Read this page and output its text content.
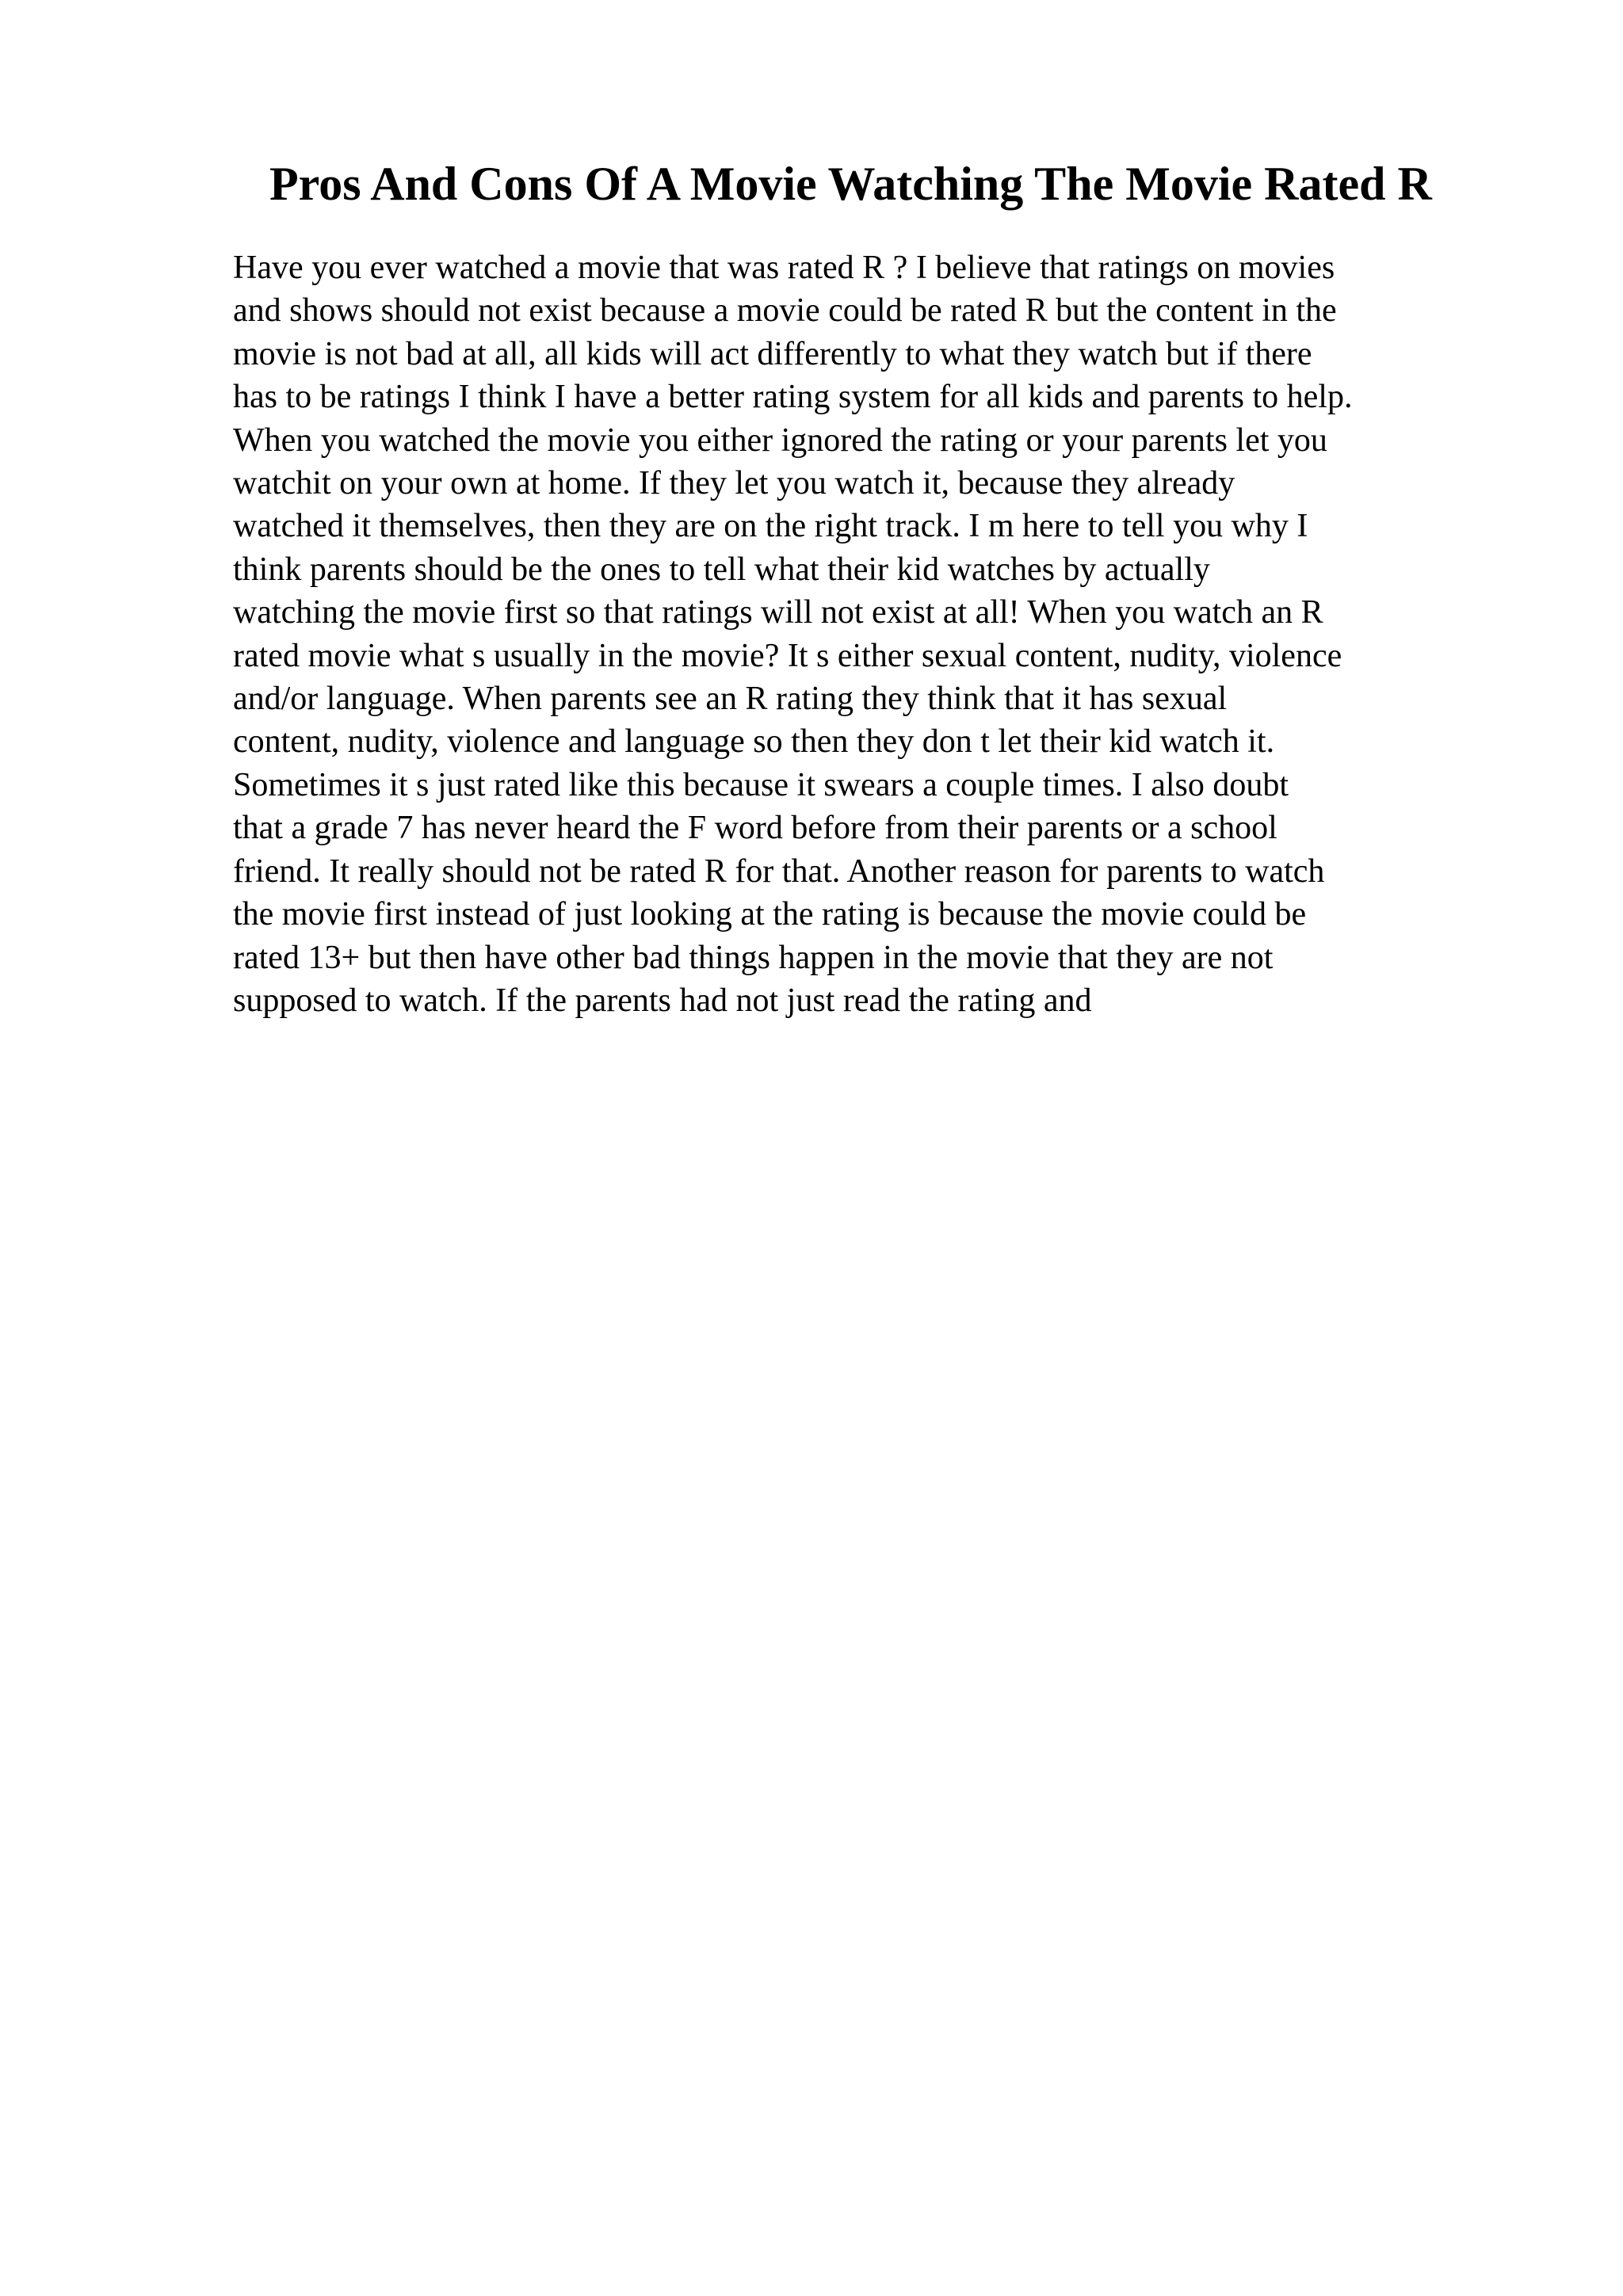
Pros And Cons Of A Movie Watching The Movie Rated R
Have you ever watched a movie that was rated R ? I believe that ratings on movies
and shows should not exist because a movie could be rated R but the content in the
movie is not bad at all, all kids will act differently to what they watch but if there
has to be ratings I think I have a better rating system for all kids and parents to help.
When you watched the movie you either ignored the rating or your parents let you
watchit on your own at home. If they let you watch it, because they already
watched it themselves, then they are on the right track. I m here to tell you why I
think parents should be the ones to tell what their kid watches by actually
watching the movie first so that ratings will not exist at all! When you watch an R
rated movie what s usually in the movie? It s either sexual content, nudity, violence
and/or language. When parents see an R rating they think that it has sexual
content, nudity, violence and language so then they don t let their kid watch it.
Sometimes it s just rated like this because it swears a couple times. I also doubt
that a grade 7 has never heard the F word before from their parents or a school
friend. It really should not be rated R for that. Another reason for parents to watch
the movie first instead of just looking at the rating is because the movie could be
rated 13+ but then have other bad things happen in the movie that they are not
supposed to watch. If the parents had not just read the rating and
